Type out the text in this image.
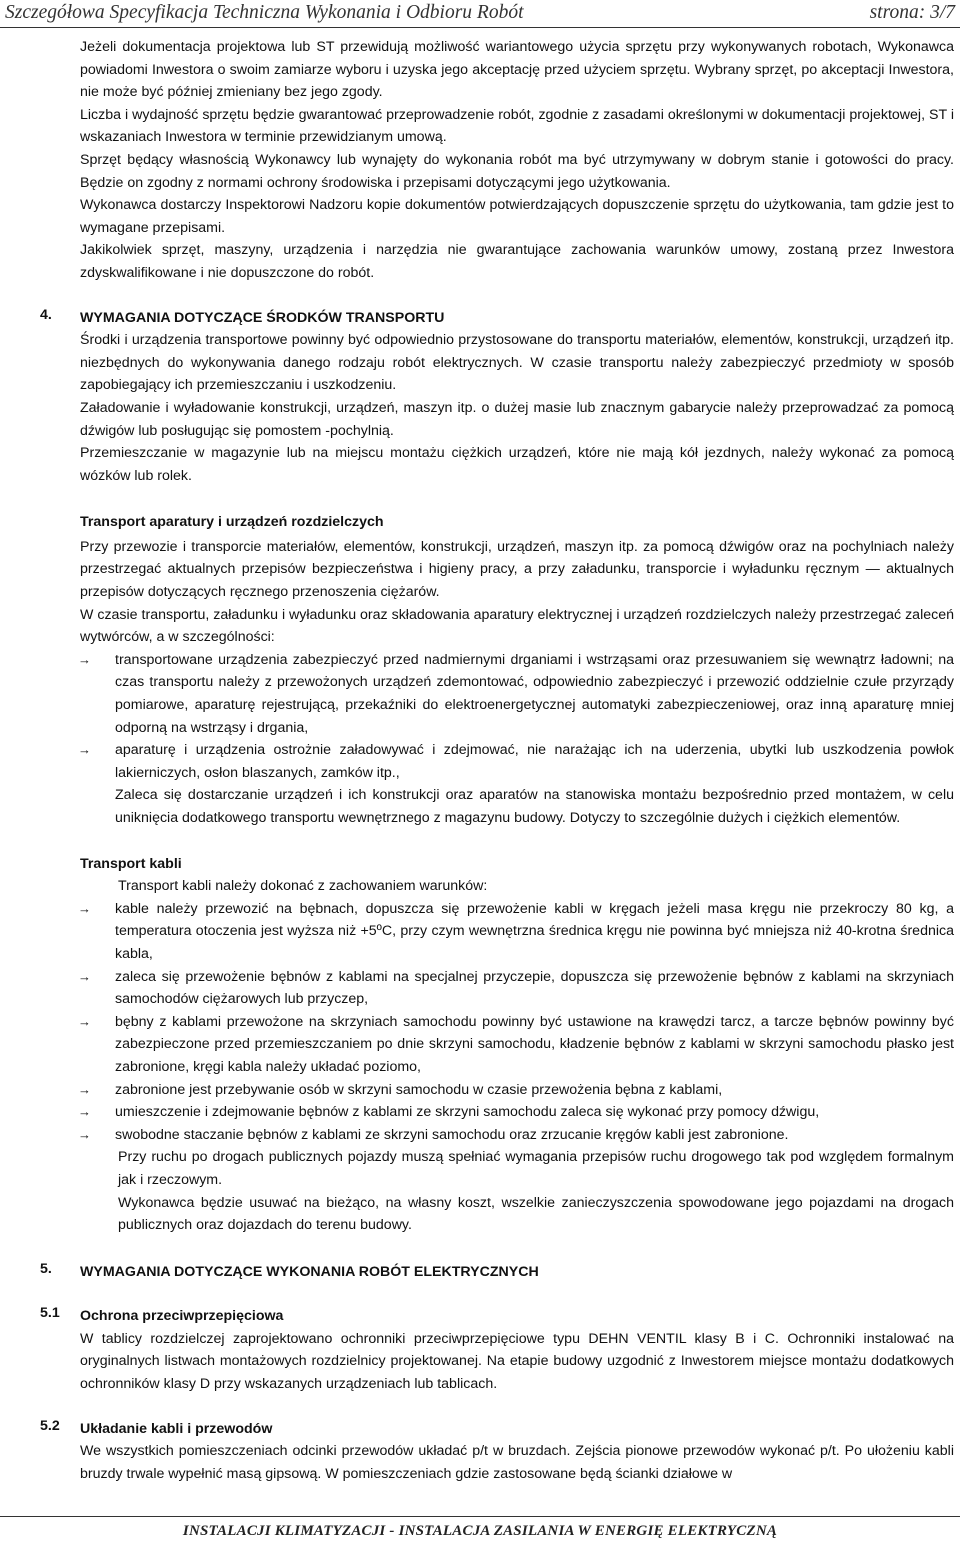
Szczegółowa Specyfikacja Techniczna Wykonania i Odbioru Robót	strona: 3/7

Jeżeli dokumentacja projektowa lub ST przewidują możliwość wariantowego użycia sprzętu przy wykonywanych robotach, Wykonawca powiadomi Inwestora o swoim zamiarze wyboru i uzyska jego akceptację przed użyciem sprzętu. Wybrany sprzęt, po akceptacji Inwestora, nie może być później zmieniany bez jego zgody.

Liczba i wydajność sprzętu będzie gwarantować przeprowadzenie robót, zgodnie z zasadami określonymi w dokumentacji projektowej, ST i wskazaniach Inwestora w terminie przewidzianym umową.

Sprzęt będący własnością Wykonawcy lub wynajęty do wykonania robót ma być utrzymywany w dobrym stanie i gotowości do pracy. Będzie on zgodny z normami ochrony środowiska i przepisami dotyczącymi jego użytkowania.

Wykonawca dostarczy Inspektorowi Nadzoru kopie dokumentów potwierdzających dopuszczenie sprzętu do użytkowania, tam gdzie jest to wymagane przepisami.

Jakikolwiek sprzęt, maszyny, urządzenia i narzędzia nie gwarantujące zachowania warunków umowy, zostaną przez Inwestora zdyskwalifikowane i nie dopuszczone do robót.

4. WYMAGANIA DOTYCZĄCE ŚRODKÓW TRANSPORTU

Środki i urządzenia transportowe powinny być odpowiednio przystosowane do transportu materiałów, elementów, konstrukcji, urządzeń itp. niezbędnych do wykonywania danego rodzaju robót elektrycznych. W czasie transportu należy zabezpieczyć przedmioty w sposób zapobiegający ich przemieszczaniu i uszkodzeniu.

Załadowanie i wyładowanie konstrukcji, urządzeń, maszyn itp. o dużej masie lub znacznym gabarycie należy przeprowadzać za pomocą dźwigów lub posługując się pomostem -pochylnią.

Przemieszczanie w magazynie lub na miejscu montażu ciężkich urządzeń, które nie mają kół jezdnych, należy wykonać za pomocą wózków lub rolek.

Transport aparatury i urządzeń rozdzielczych

Przy przewozie i transporcie materiałów, elementów, konstrukcji, urządzeń, maszyn itp. za pomocą dźwigów oraz na pochylniach należy przestrzegać aktualnych przepisów bezpieczeństwa i higieny pracy, a przy załadunku, transporcie i wyładunku ręcznym — aktualnych przepisów dotyczących ręcznego przenoszenia ciężarów.

W czasie transportu, załadunku i wyładunku oraz składowania aparatury elektrycznej i urządzeń rozdzielczych należy przestrzegać zaleceń wytwórców, a w szczególności:

→ transportowane urządzenia zabezpieczyć przed nadmiernymi drganiami i wstrząsami oraz przesuwaniem się wewnątrz ładowni; na czas transportu należy z przewożonych urządzeń zdemontować, odpowiednio zabezpieczyć i przewozić oddzielnie czułe przyrządy pomiarowe, aparaturę rejestrującą, przekaźniki do elektroenergetycznej automatyki zabezpieczeniowej, oraz inną aparaturę mniej odporną na wstrząsy i drgania,

→ aparaturę i urządzenia ostrożnie załadowywać i zdejmować, nie narażając ich na uderzenia, ubytki lub uszkodzenia powłok lakierniczych, osłon blaszanych, zamków itp.,

Zaleca się dostarczanie urządzeń i ich konstrukcji oraz aparatów na stanowiska montażu bezpośrednio przed montażem, w celu uniknięcia dodatkowego transportu wewnętrznego z magazynu budowy. Dotyczy to szczególnie dużych i ciężkich elementów.

Transport kabli

Transport kabli należy dokonać z zachowaniem warunków:

→ kable należy przewozić na bębnach, dopuszcza się przewożenie kabli w kręgach jeżeli masa kręgu nie przekroczy 80 kg, a temperatura otoczenia jest wyższa niż +5ºC, przy czym wewnętrzna średnica kręgu nie powinna być mniejsza niż 40-krotna średnica kabla,

→ zaleca się przewożenie bębnów z kablami na specjalnej przyczepie, dopuszcza się przewożenie bębnów z kablami na skrzyniach samochodów ciężarowych lub przyczep,

→ bębny z kablami przewożone na skrzyniach samochodu powinny być ustawione na krawędzi tarcz, a tarcze bębnów powinny być zabezpieczone przed przemieszczaniem po dnie skrzyni samochodu, kładzenie bębnów z kablami w skrzyni samochodu płasko jest zabronione, kręgi kabla należy układać poziomo,

→ zabronione jest przebywanie osób w skrzyni samochodu w czasie przewożenia bębna z kablami,

→ umieszczenie i zdejmowanie bębnów z kablami ze skrzyni samochodu zaleca się wykonać przy pomocy dźwigu,

→ swobodne staczanie bębnów z kablami ze skrzyni samochodu oraz zrzucanie kręgów kabli jest zabronione.

Przy ruchu po drogach publicznych pojazdy muszą spełniać wymagania przepisów ruchu drogowego tak pod względem formalnym jak i rzeczowym.

Wykonawca będzie usuwać na bieżąco, na własny koszt, wszelkie zanieczyszczenia spowodowane jego pojazdami na drogach publicznych oraz dojazdach do terenu budowy.

5. WYMAGANIA DOTYCZĄCE WYKONANIA ROBÓT ELEKTRYCZNYCH
5.1 Ochrona przeciwprzepięciowa

W tablicy rozdzielczej zaprojektowano ochronniki przeciwprzepięciowe typu DEHN VENTIL klasy B i C. Ochronniki instalować na oryginalnych listwach montażowych rozdzielnicy projektowanej. Na etapie budowy uzgodnić z Inwestorem miejsce montażu dodatkowych ochronników klasy D przy wskazanych urządzeniach lub tablicach.

5.2 Układanie kabli i przewodów

We wszystkich pomieszczeniach odcinki przewodów układać p/t w bruzdach. Zejścia pionowe przewodów wykonać p/t. Po ułożeniu kabli bruzdy trwale wypełnić masą gipsową. W pomieszczeniach gdzie zastosowane będą ścianki działowe w

INSTALACJI KLIMATYZACJI - INSTALACJA ZASILANIA W ENERGIĘ ELEKTRYCZNĄ
